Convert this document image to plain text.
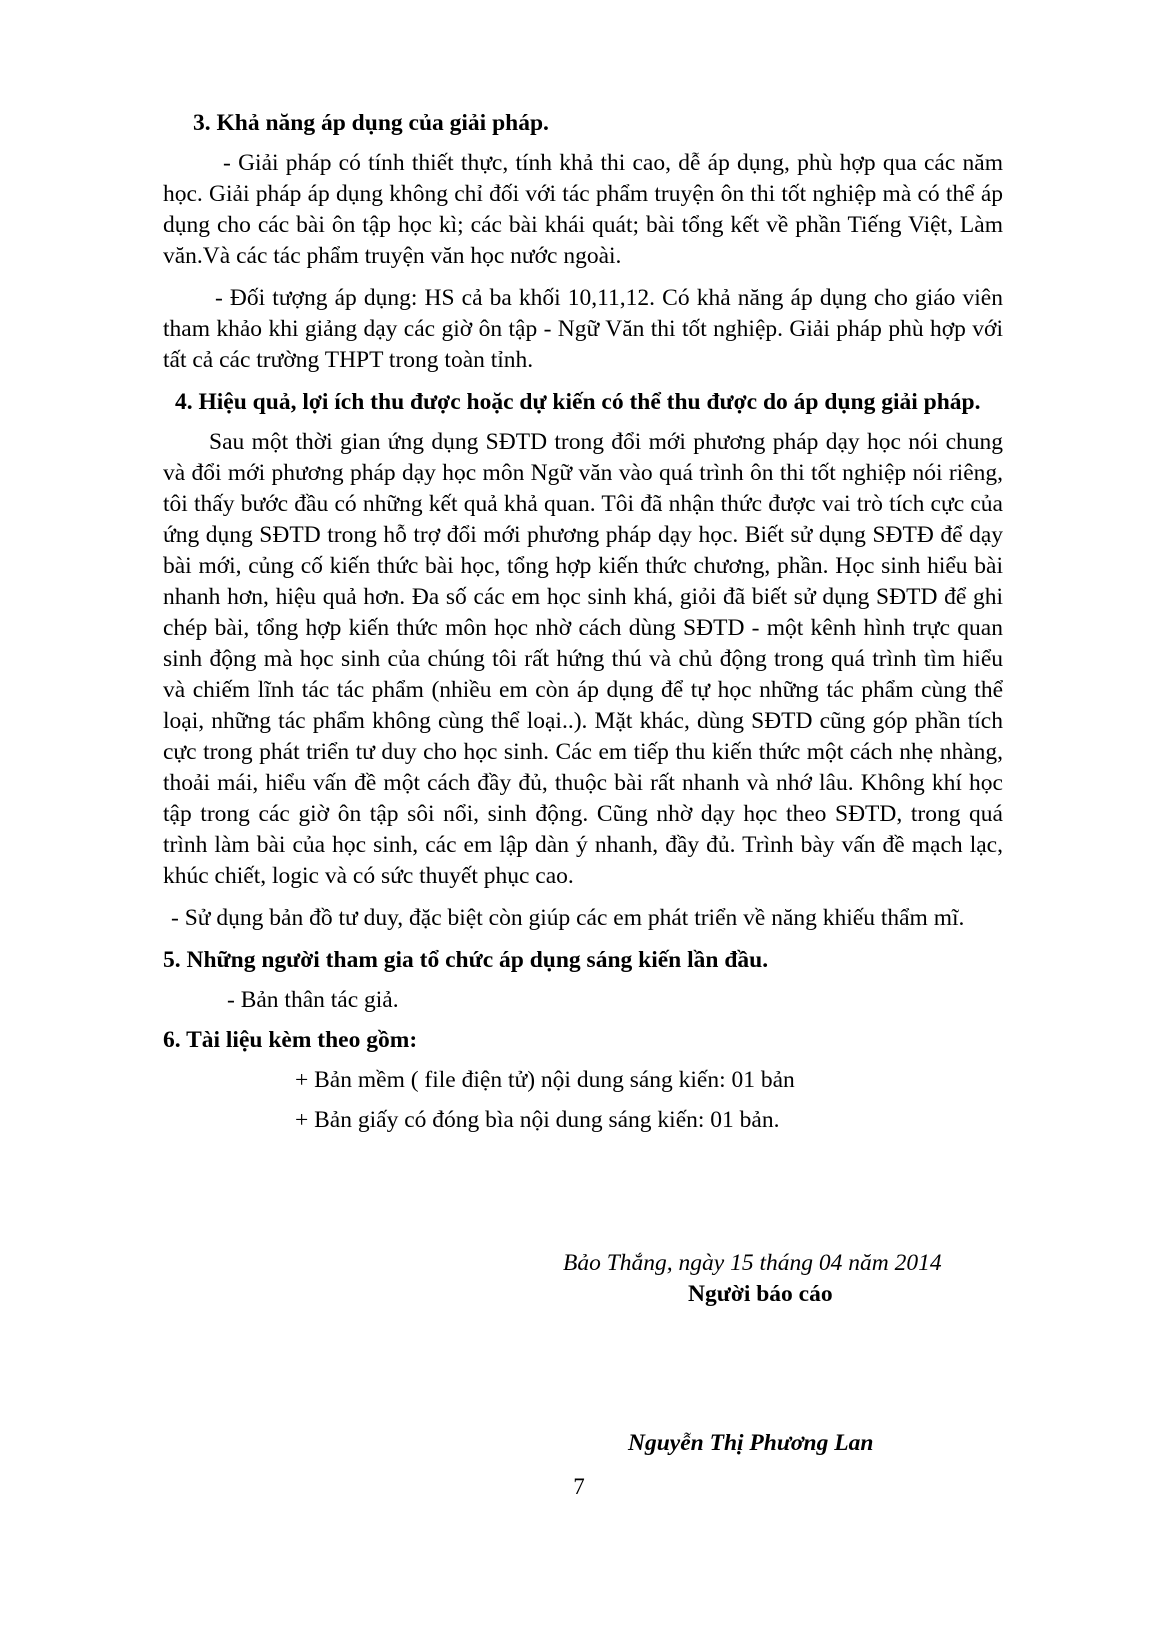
3. Khả năng áp dụng của giải pháp.

- Giải pháp có tính thiết thực, tính khả thi cao, dễ áp dụng, phù hợp qua các năm học. Giải pháp áp dụng không chỉ đối với tác phẩm truyện ôn thi tốt nghiệp mà có thể áp dụng cho các bài ôn tập học kì; các bài khái quát; bài tổng kết về phần Tiếng Việt, Làm văn.Và các tác phẩm truyện văn học nước ngoài.

- Đối tượng áp dụng: HS cả ba khối 10,11,12. Có khả năng áp dụng cho giáo viên tham khảo khi giảng dạy các giờ ôn tập - Ngữ Văn thi tốt nghiệp. Giải pháp phù hợp với tất cả các trường THPT trong toàn tỉnh.

4. Hiệu quả, lợi ích thu được hoặc dự kiến có thể thu được do áp dụng giải pháp.

Sau một thời gian ứng dụng SĐTD trong đổi mới phương pháp dạy học nói chung và đổi mới phương pháp dạy học môn Ngữ văn vào quá trình ôn thi tốt nghiệp nói riêng, tôi thấy bước đầu có những kết quả khả quan. Tôi đã nhận thức được vai trò tích cực của ứng dụng SĐTD trong hỗ trợ đổi mới phương pháp dạy học. Biết sử dụng SĐTĐ để dạy bài mới, củng cố kiến thức bài học, tổng hợp kiến thức chương, phần. Học sinh hiểu bài nhanh hơn, hiệu quả hơn. Đa số các em học sinh khá, giỏi đã biết sử dụng SĐTD để ghi chép bài, tổng hợp kiến thức môn học nhờ cách dùng SĐTD - một kênh hình trực quan sinh động mà học sinh của chúng tôi rất hứng thú và chủ động trong quá trình tìm hiểu và chiếm lĩnh tác tác phẩm (nhiều em còn áp dụng để tự học những tác phẩm cùng thể loại, những tác phẩm không cùng thể loại..). Mặt khác, dùng SĐTD cũng góp phần tích cực trong phát triển tư duy cho học sinh. Các em tiếp thu kiến thức một cách nhẹ nhàng, thoải mái, hiểu vấn đề một cách đầy đủ, thuộc bài rất nhanh và nhớ lâu. Không khí học tập trong các giờ ôn tập sôi nổi, sinh động. Cũng nhờ dạy học theo SĐTD, trong quá trình làm bài của học sinh, các em lập dàn ý nhanh, đầy đủ. Trình bày vấn đề mạch lạc, khúc chiết, logic và có sức thuyết phục cao.

- Sử dụng bản đồ tư duy, đặc biệt còn giúp các em phát triển về năng khiếu thẩm mĩ.

5. Những người tham gia tổ chức áp dụng sáng kiến lần đầu.

- Bản thân tác giả.

6. Tài liệu kèm theo gồm:

+ Bản mềm ( file điện tử) nội dung sáng kiến: 01 bản

+ Bản giấy có đóng bìa nội dung sáng kiến: 01 bản.

Bảo Thắng, ngày 15 tháng 04 năm 2014
Người báo cáo
Nguyễn Thị Phương Lan
7
